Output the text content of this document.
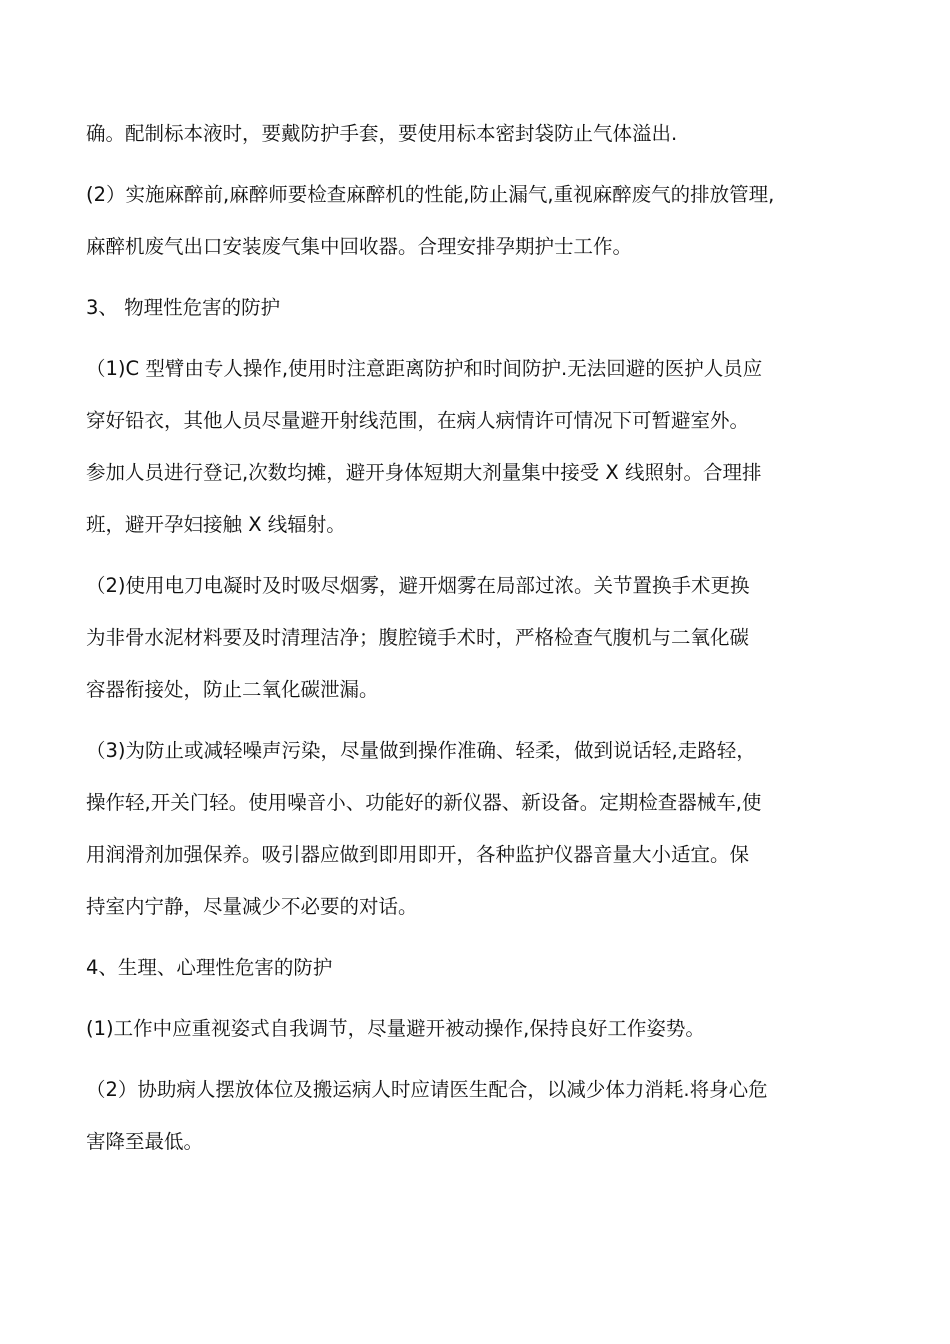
确。配制标本液时，要戴防护手套，要使用标本密封袋防止气体溢出.

(2）实施麻醉前,麻醉师要检查麻醉机的性能,防止漏气,重视麻醉废气的排放管理,
麻醉机废气出口安装废气集中回收器。合理安排孕期护士工作。

3、 物理性危害的防护

（1)C 型臂由专人操作,使用时注意距离防护和时间防护.无法回避的医护人员应
穿好铅衣，其他人员尽量避开射线范围，在病人病情许可情况下可暂避室外。
参加人员进行登记,次数均摊，避开身体短期大剂量集中接受 X 线照射。合理排
班，避开孕妇接触 X 线辐射。

（2)使用电刀电凝时及时吸尽烟雾，避开烟雾在局部过浓。关节置换手术更换
为非骨水泥材料要及时清理洁净；腹腔镜手术时，严格检查气腹机与二氧化碳
容器衔接处，防止二氧化碳泄漏。

（3)为防止或减轻噪声污染，尽量做到操作准确、轻柔，做到说话轻,走路轻，
操作轻,开关门轻。使用噪音小、功能好的新仪器、新设备。定期检查器械车,使
用润滑剂加强保养。吸引器应做到即用即开，各种监护仪器音量大小适宜。保
持室内宁静，尽量减少不必要的对话。

4、生理、心理性危害的防护

(1)工作中应重视姿式自我调节，尽量避开被动操作,保持良好工作姿势。

（2）协助病人摆放体位及搬运病人时应请医生配合，以减少体力消耗.将身心危
害降至最低。
